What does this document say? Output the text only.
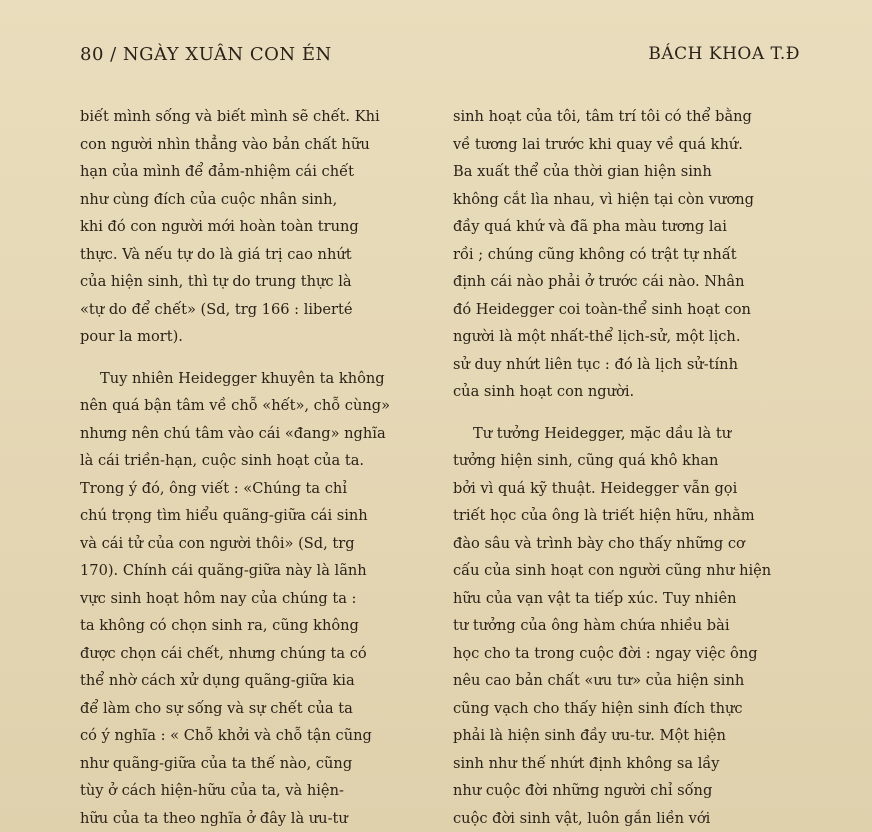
80 / NGÀY XUÂN CON ÉN	BÁCH KHOA T.Đ
biết mình sống và biết mình sẽ chết. Khi
con người nhìn thẳng vào bản chất hữu
hạn của mình để đảm-nhiệm cái chết
như cùng đích của cuộc nhân sinh,
khi đó con người mới hoàn toàn trung
thực. Và nếu tự do là giá trị cao nhứt
của hiện sinh, thì tự do trung thực là
«tự do để chết» (Sd, trg 166 : liberté
pour la mort).
Tuy nhiên Heidegger khuyên ta không
nên quá bận tâm về chỗ «hết», chỗ cùng»
nhưng nên chú tâm vào cái «đang» nghĩa
là cái triền-hạn, cuộc sinh hoạt của ta.
Trong ý đó, ông viết : «Chúng ta chỉ
chú trọng tìm hiểu quãng-giữa cái sinh
và cái tử của con người thôi» (Sd, trg
170). Chính cái quãng-giữa này là lãnh
vực sinh hoạt hôm nay của chúng ta :
ta không có chọn sinh ra, cũng không
được chọn cái chết, nhưng chúng ta có
thể nhờ cách xử dụng quãng-giữa kia
để làm cho sự sống và sự chết của ta
có ý nghĩa : « Chỗ khởi và chỗ tận cũng
như quãng-giữa của ta thế nào, cũng
tùy ở cách hiện-hữu của ta, và hiện-
hữu của ta theo nghĩa ở đây là ưu-tư
sinh hoạt của tôi, tâm trí tôi có thể bằng
về tương lai trước khi quay về quá khứ.
Ba xuất thể của thời gian hiện sinh
không cắt lìa nhau, vì hiện tại còn vương
đầy quá khứ và đã pha màu tương lai
rồi ; chúng cũng không có trật tự nhất
định cái nào phải ở trước cái nào. Nhân
đó Heidegger coi toàn-thể sinh hoạt con
người là một nhất-thể lịch-sử, một lịch.
sử duy nhứt liên tục : đó là lịch sử-tính
của sinh hoạt con người.
Tư tưởng Heidegger, mặc dầu là tư
tưởng hiện sinh, cũng quá khô khan
bởi vì quá kỹ thuật. Heidegger vẫn gọi
triết học của ông là triết hiện hữu, nhằm
đào sâu và trình bày cho thấy những cơ
cấu của sinh hoạt con người cũng như hiện
hữu của vạn vật ta tiếp xúc. Tuy nhiên
tư tưởng của ông hàm chứa nhiều bài
học cho ta trong cuộc đời : ngay việc ông
nêu cao bản chất «ưu tư» của hiện sinh
cũng vạch cho thấy hiện sinh đích thực
phải là hiện sinh đầy ưu-tư. Một hiện
sinh như thế nhứt định không sa lầy
như cuộc đời những người chỉ sống
cuộc đời sinh vật, luôn gắn liền với
